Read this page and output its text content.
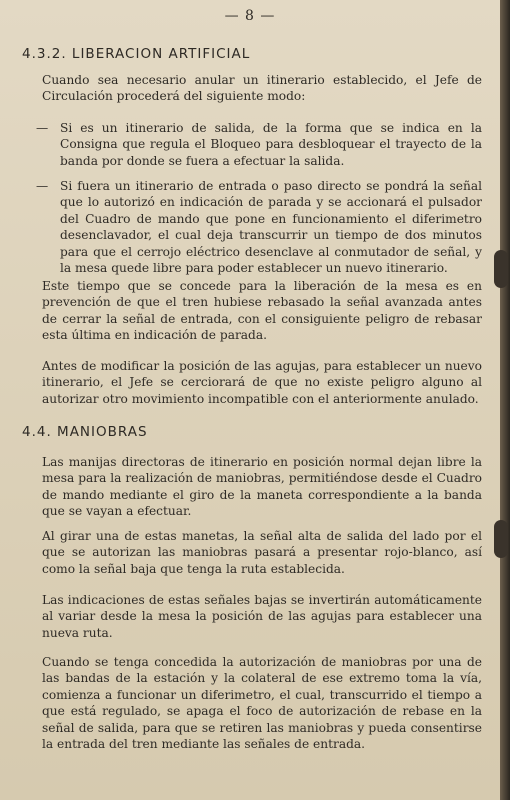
— 8 —
4.3.2. LIBERACION ARTIFICIAL
Cuando sea necesario anular un itinerario establecido, el Jefe de Circulación procederá del siguiente modo:
— Si es un itinerario de salida, de la forma que se indica en la Consigna que regula el Bloqueo para desbloquear el trayecto de la banda por donde se fuera a efectuar la salida.
— Si fuera un itinerario de entrada o paso directo se pondrá la señal que lo autorizó en indicación de parada y se accionará el pulsador del Cuadro de mando que pone en funcionamiento el diferimetro desenclavador, el cual deja transcurrir un tiempo de dos minutos para que el cerrojo eléctrico desenclave al conmutador de señal, y la mesa quede libre para poder establecer un nuevo itinerario.
Este tiempo que se concede para la liberación de la mesa es en prevención de que el tren hubiese rebasado la señal avanzada antes de cerrar la señal de entrada, con el consiguiente peligro de rebasar esta última en indicación de parada.
Antes de modificar la posición de las agujas, para establecer un nuevo itinerario, el Jefe se cerciorará de que no existe peligro alguno al autorizar otro movimiento incompatible con el anteriormente anulado.
4.4. MANIOBRAS
Las manijas directoras de itinerario en posición normal dejan libre la mesa para la realización de maniobras, permitiéndose desde el Cuadro de mando mediante el giro de la maneta correspondiente a la banda que se vayan a efectuar.
Al girar una de estas manetas, la señal alta de salida del lado por el que se autorizan las maniobras pasará a presentar rojo-blanco, así como la señal baja que tenga la ruta establecida.
Las indicaciones de estas señales bajas se invertirán automáticamente al variar desde la mesa la posición de las agujas para establecer una nueva ruta.
Cuando se tenga concedida la autorización de maniobras por una de las bandas de la estación y la colateral de ese extremo toma la vía, comienza a funcionar un diferimetro, el cual, transcurrido el tiempo a que está regulado, se apaga el foco de autorización de rebase en la señal de salida, para que se retiren las maniobras y pueda consentirse la entrada del tren mediante las señales de entrada.
